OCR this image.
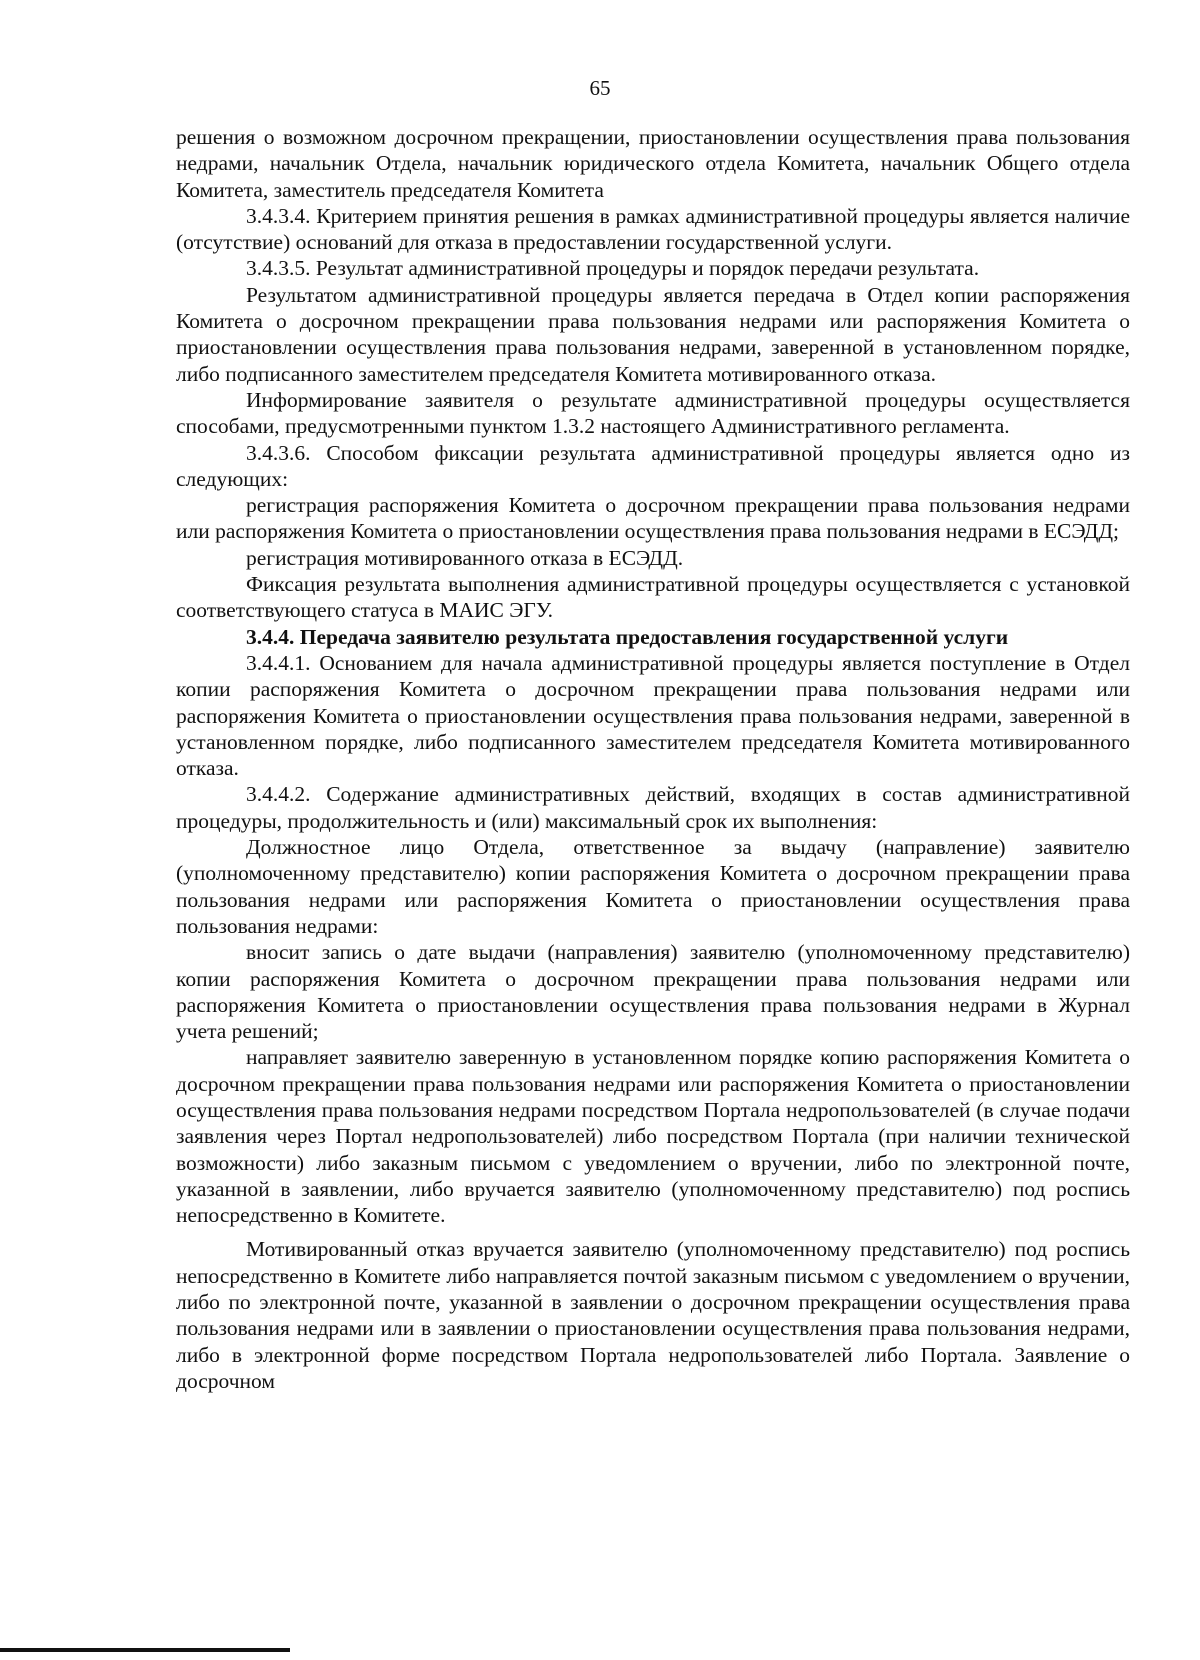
65

решения о возможном досрочном прекращении, приостановлении осуществления права пользования недрами, начальник Отдела, начальник юридического отдела Комитета, начальник Общего отдела Комитета, заместитель председателя Комитета

3.4.3.4. Критерием принятия решения в рамках административной процедуры является наличие (отсутствие) оснований для отказа в предоставлении государственной услуги.

3.4.3.5. Результат административной процедуры и порядок передачи результата.

Результатом административной процедуры является передача в Отдел копии распоряжения Комитета о досрочном прекращении права пользования недрами или распоряжения Комитета о приостановлении осуществления права пользования недрами, заверенной в установленном порядке, либо подписанного заместителем председателя Комитета мотивированного отказа.

Информирование заявителя о результате административной процедуры осуществляется способами, предусмотренными пунктом 1.3.2 настоящего Административного регламента.

3.4.3.6. Способом фиксации результата административной процедуры является одно из следующих:

регистрация распоряжения Комитета о досрочном прекращении права пользования недрами или распоряжения Комитета о приостановлении осуществления права пользования недрами в ЕСЭДД;

регистрация мотивированного отказа в ЕСЭДД.

Фиксация результата выполнения административной процедуры осуществляется с установкой соответствующего статуса в МАИС ЭГУ.

3.4.4. Передача заявителю результата предоставления государственной услуги

3.4.4.1. Основанием для начала административной процедуры является поступление в Отдел копии распоряжения Комитета о досрочном прекращении права пользования недрами или распоряжения Комитета о приостановлении осуществления права пользования недрами, заверенной в установленном порядке, либо подписанного заместителем председателя Комитета мотивированного отказа.

3.4.4.2. Содержание административных действий, входящих в состав административной процедуры, продолжительность и (или) максимальный срок их выполнения:

Должностное лицо Отдела, ответственное за выдачу (направление) заявителю (уполномоченному представителю) копии распоряжения Комитета о досрочном прекращении права пользования недрами или распоряжения Комитета о приостановлении осуществления права пользования недрами:

вносит запись о дате выдачи (направления) заявителю (уполномоченному представителю) копии распоряжения Комитета о досрочном прекращении права пользования недрами или распоряжения Комитета о приостановлении осуществления права пользования недрами в Журнал учета решений;

направляет заявителю заверенную в установленном порядке копию распоряжения Комитета о досрочном прекращении права пользования недрами или распоряжения Комитета о приостановлении осуществления права пользования недрами посредством Портала недропользователей (в случае подачи заявления через Портал недропользователей) либо посредством Портала (при наличии технической возможности) либо заказным письмом с уведомлением о вручении, либо по электронной почте, указанной в заявлении, либо вручается заявителю (уполномоченному представителю) под роспись непосредственно в Комитете.

Мотивированный отказ вручается заявителю (уполномоченному представителю) под роспись непосредственно в Комитете либо направляется почтой заказным письмом с уведомлением о вручении, либо по электронной почте, указанной в заявлении о досрочном прекращении осуществления права пользования недрами или в заявлении о приостановлении осуществления права пользования недрами, либо в электронной форме посредством Портала недропользователей либо Портала. Заявление о досрочном
